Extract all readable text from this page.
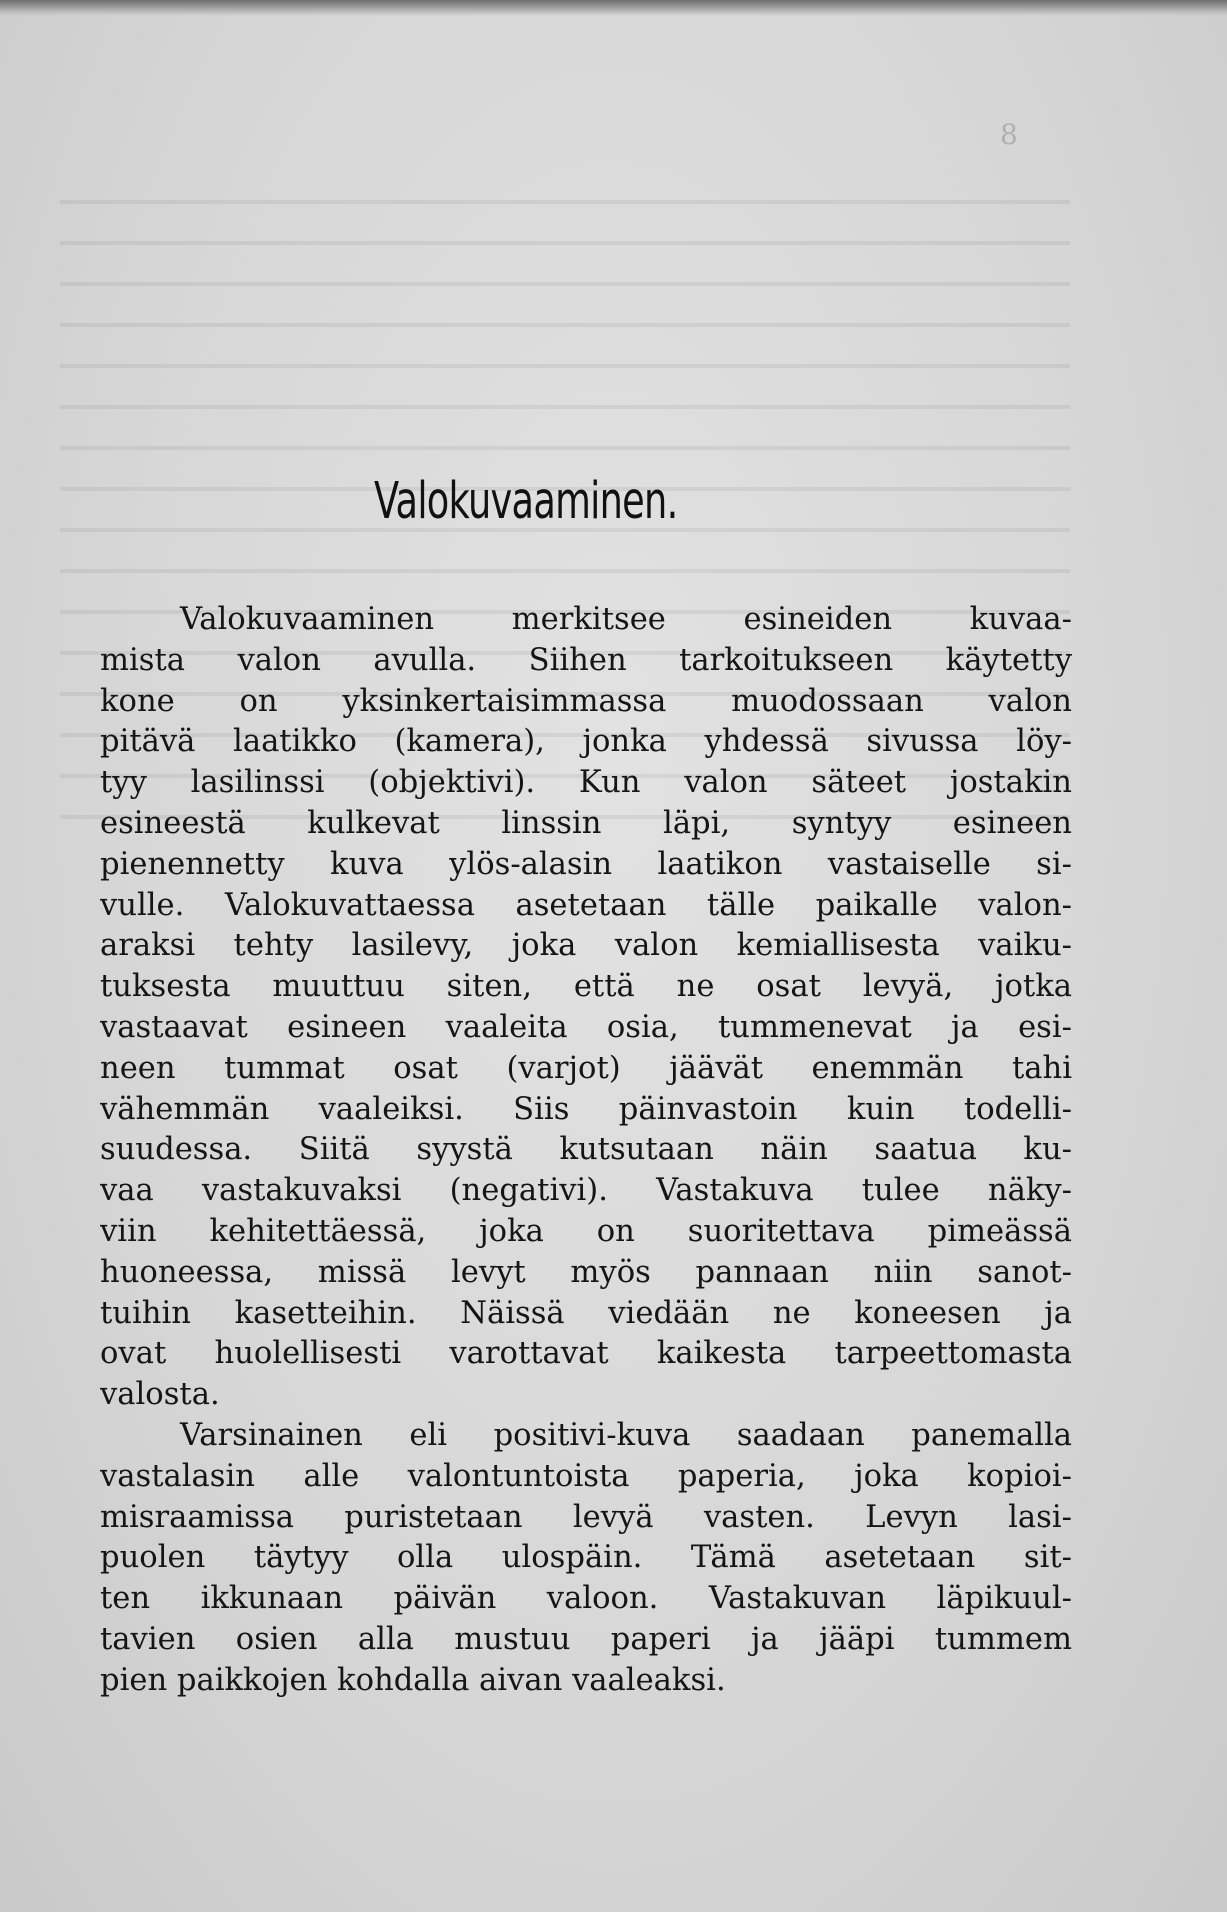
8
Valokuvaaminen.
Valokuvaaminen merkitsee esineiden kuvaa-
mista valon avulla. Siihen tarkoitukseen käytetty
kone on yksinkertaisimmassa muodossaan valon
pitävä laatikko (kamera), jonka yhdessä sivussa löy-
tyy lasilinssi (objektivi). Kun valon säteet jostakin
esineestä kulkevat linssin läpi, syntyy esineen
pienennetty kuva ylös-alasin laatikon vastaiselle si-
vulle. Valokuvattaessa asetetaan tälle paikalle valon-
araksi tehty lasilevy, joka valon kemiallisesta vaiku-
tuksesta muuttuu siten, että ne osat levyä, jotka
vastaavat esineen vaaleita osia, tummenevat ja esi-
neen tummat osat (varjot) jäävät enemmän tahi
vähemmän vaaleiksi. Siis päinvastoin kuin todelli-
suudessa. Siitä syystä kutsutaan näin saatua ku-
vaa vastakuvaksi (negativi). Vastakuva tulee näky-
viin kehitettäessä, joka on suoritettava pimeässä
huoneessa, missä levyt myös pannaan niin sanot-
tuihin kasetteihin. Näissä viedään ne koneesen ja
ovat huolellisesti varottavat kaikesta tarpeettomasta
valosta.
Varsinainen eli positivi-kuva saadaan panemalla
vastalasin alle valontuntoista paperia, joka kopioi-
misraamissa puristetaan levyä vasten. Levyn lasi-
puolen täytyy olla ulospäin. Tämä asetetaan sit-
ten ikkunaan päivän valoon. Vastakuvan läpikuul-
tavien osien alla mustuu paperi ja jääpi tummem
pien paikkojen kohdalla aivan vaaleaksi.
